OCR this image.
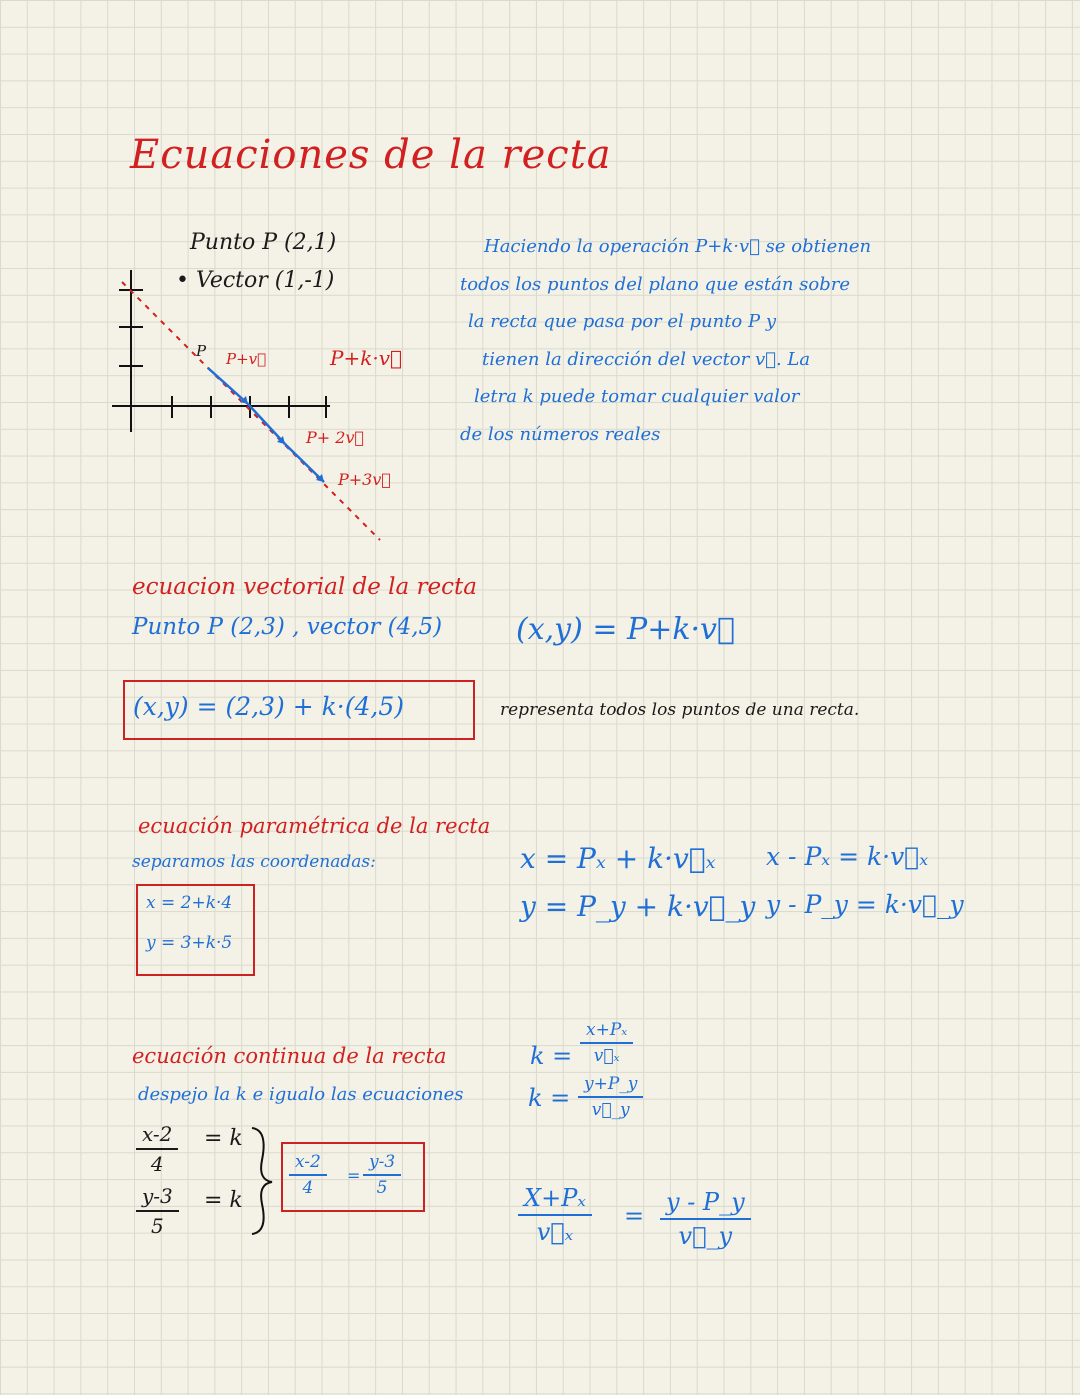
Ecuaciones de la recta
Punto P (2,1)
• Vector (1,-1)
P P+v⃗	P+k·v⃗
P+ 2v⃗
P+3v⃗
Haciendo la operación P+k·v⃗ se obtienen
todos los puntos del plano que están sobre
la recta que pasa por el punto P y
tienen la dirección del vector v⃗. La
letra k puede tomar cualquier valor
de los números reales
ecuacion vectorial de la recta
Punto P (2,3) , vector (4,5) (x,y) = P+k·v⃗
(x,y) = (2,3) + k·(4,5)	representa todos los puntos de una recta.
ecuación paramétrica de la recta
separamos las coordenadas:
x = 2+k·4
y = 3+k·5
x = Pₓ + k·v⃗ₓ
y = P_y + k·v⃗_y
x - Pₓ = k·v⃗ₓ
y - P_y = k·v⃗_y
ecuación continua de la recta
despejo la k e igualo las ecuaciones
$\frac{x-2}{4} = k$
$\frac{y-3}{5} = k$
$\frac{x-2}{4} = \frac{y-3}{5}$
$k = \frac{\text{x+Pₓ}}{\text{v⃗ₓ}}$
$k = \frac{y+P\_y}{v⃗\_y}$
$\frac{\text{X+Pₓ}}{\text{v⃗ₓ}} = \frac{y - P\_y}{v⃗\_y}$
